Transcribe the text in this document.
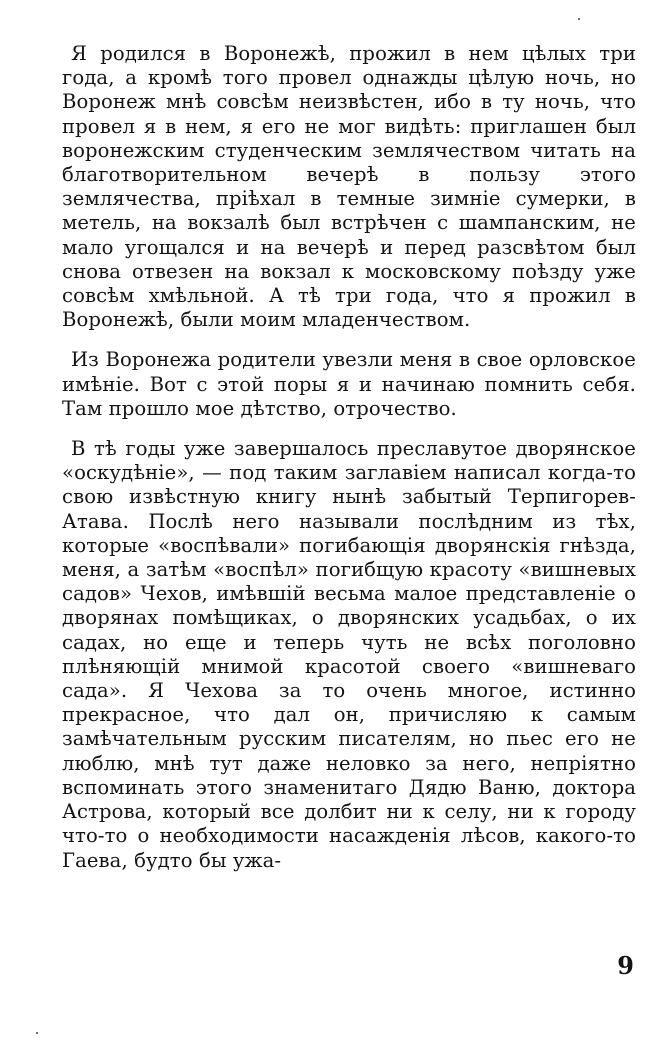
Я родился в Воронежѣ, прожил в нем цѣлых три года, а кромѣ того провел однажды цѣлую ночь, но Воронеж мнѣ совсѣм неизвѣстен, ибо в ту ночь, что провел я в нем, я его не мог видѣть: приглашен был воронежским студенческим землячеством читать на благотворительном вечерѣ в пользу этого землячества, прiѣхал в темные зимнiе сумерки, в метель, на вокзалѣ был встрѣчен с шампанским, не мало угощался и на вечерѣ и перед разсвѣтом был снова отвезен на вокзал к московскому поѣзду уже совсѣм хмѣльной. А тѣ три года, что я прожил в Воронежѣ, были моим младенчеством.

Из Воронежа родители увезли меня в свое орловское имѣнiе. Вот с этой поры я и начинаю помнить себя. Там прошло мое дѣтство, отрочество.

В тѣ годы уже завершалось преславутое дворянское «оскудѣнiе», — под таким заглавiем написал когда-то свою извѣстную книгу нынѣ забытый Терпигорев-Атава. Послѣ него называли послѣдним из тѣх, которые «воспѣвали» погибающiя дворянскiя гнѣзда, меня, а затѣм «воспѣл» погибщую красоту «вишневых садов» Чехов, имѣвшiй весьма малое представленiе о дворянах помѣщиках, о дворянских усадьбах, о их садах, но еще и теперь чуть не всѣх поголовно плѣняющiй мнимой красотой своего «вишневаго сада». Я Чехова за то очень многое, истинно прекрасное, что дал он, причисляю к самым замѣчательным русским писателям, но пьес его не люблю, мнѣ тут даже неловко за него, непрiятно вспоминать этого знаменитаго Дядю Ваню, доктора Астрова, который все долбит ни к селу, ни к городу что-то о необходимости насажденiя лѣсов, какого-то Гаева, будто бы ужа-

9
